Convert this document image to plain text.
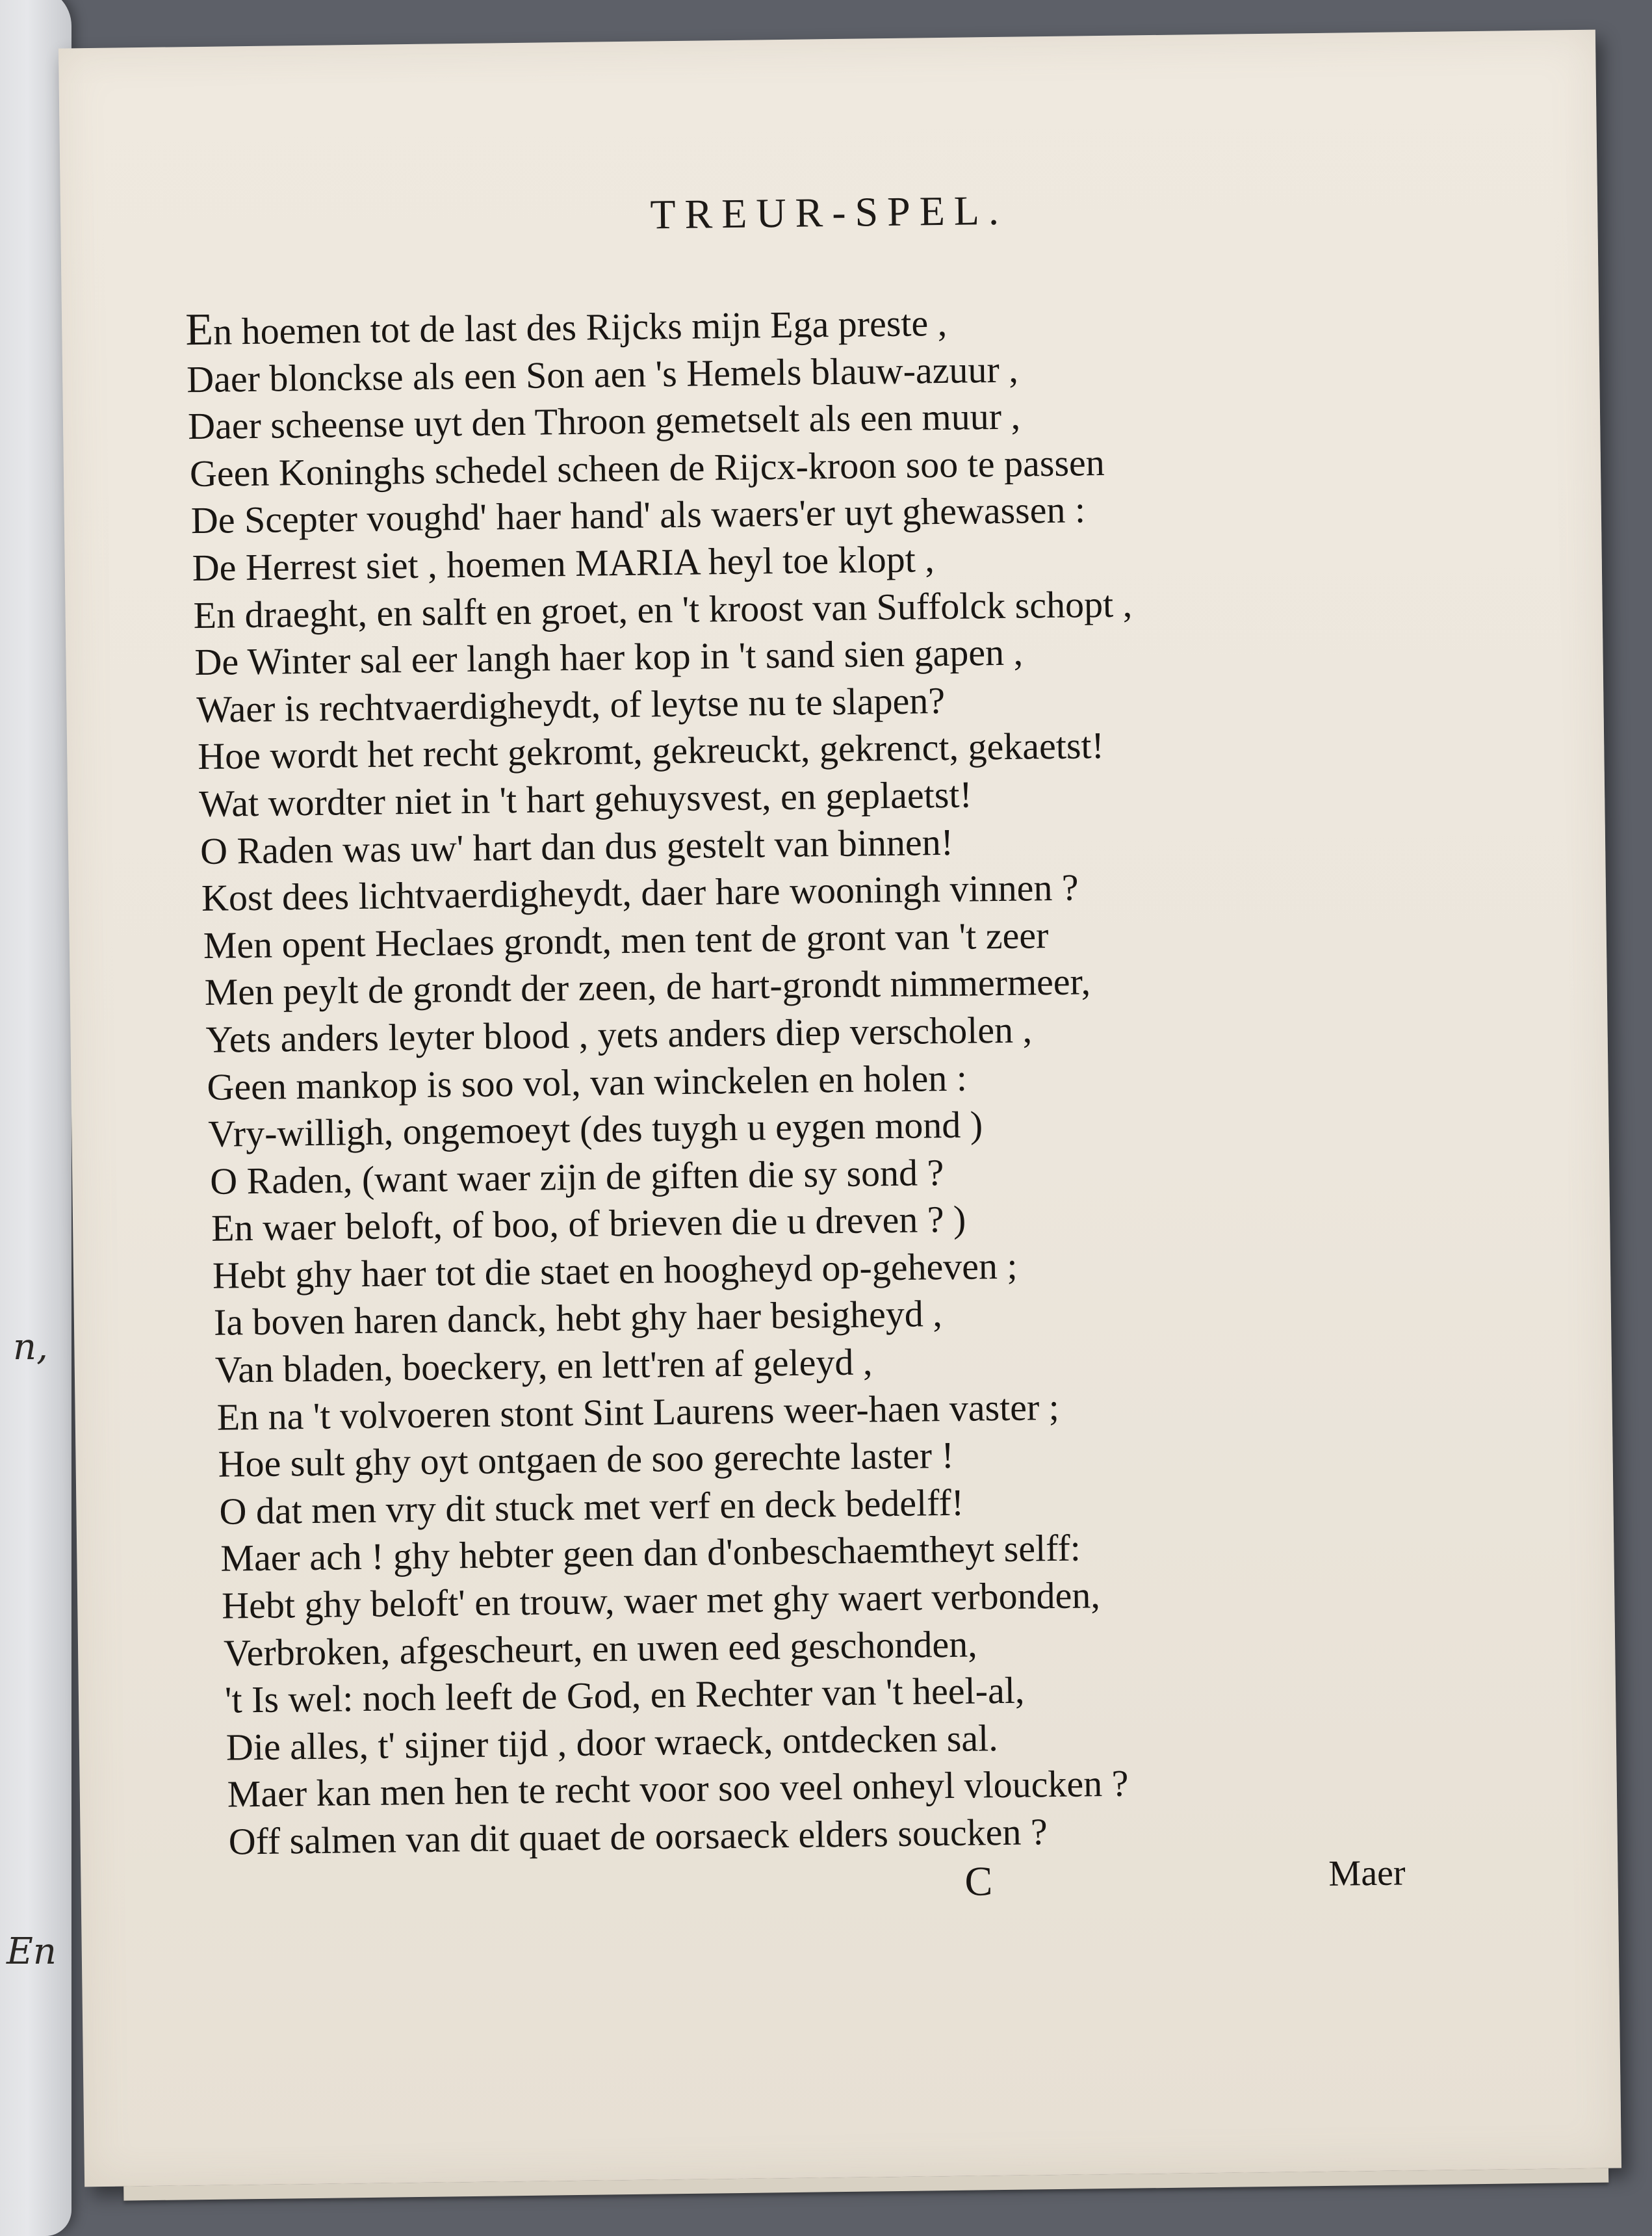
n,
En
TREUR-SPEL.
En hoemen tot de last des Rijcks mijn Ega preste ,
Daer blonckse als een Son aen 's Hemels blauw-azuur ,
Daer scheense uyt den Throon gemetselt als een muur ,
Geen Koninghs schedel scheen de Rijcx-kroon soo te passen
De Scepter voughd' haer hand' als waers'er uyt ghewassen :
De Herrest siet , hoemen MARIA heyl toe klopt ,
En draeght, en salft en groet, en 't kroost van Suffolck schopt ,
De Winter sal eer langh haer kop in 't sand sien gapen ,
Waer is rechtvaerdigheydt, of leytse nu te slapen?
Hoe wordt het recht gekromt, gekreuckt, gekrenct, gekaetst!
Wat wordter niet in 't hart gehuysvest, en geplaetst!
O Raden was uw' hart dan dus gestelt van binnen!
Kost dees lichtvaerdigheydt, daer hare wooningh vinnen ?
Men opent Heclaes grondt, men tent de gront van 't zeer
Men peylt de grondt der zeen, de hart-grondt nimmermeer,
Yets anders leyter blood , yets anders diep verscholen ,
Geen mankop is soo vol, van winckelen en holen :
Vry-willigh, ongemoeyt (des tuygh u eygen mond )
O Raden, (want waer zijn de giften die sy sond ?
En waer beloft, of boo, of brieven die u dreven ? )
Hebt ghy haer tot die staet en hoogheyd op-geheven ;
Ia boven haren danck, hebt ghy haer besigheyd ,
Van bladen, boeckery, en lett'ren af geleyd ,
En na 't volvoeren stont Sint Laurens weer-haen vaster ;
Hoe sult ghy oyt ontgaen de soo gerechte laster !
O dat men vry dit stuck met verf en deck bedelff!
Maer ach ! ghy hebter geen dan d'onbeschaemtheyt selff:
Hebt ghy beloft' en trouw, waer met ghy waert verbonden,
Verbroken, afgescheurt, en uwen eed geschonden,
't Is wel: noch leeft de God, en Rechter van 't heel-al,
Die alles, t' sijner tijd , door wraeck, ontdecken sal.
Maer kan men hen te recht voor soo veel onheyl vloucken ?
Off salmen van dit quaet de oorsaeck elders soucken ?
C	Maer
